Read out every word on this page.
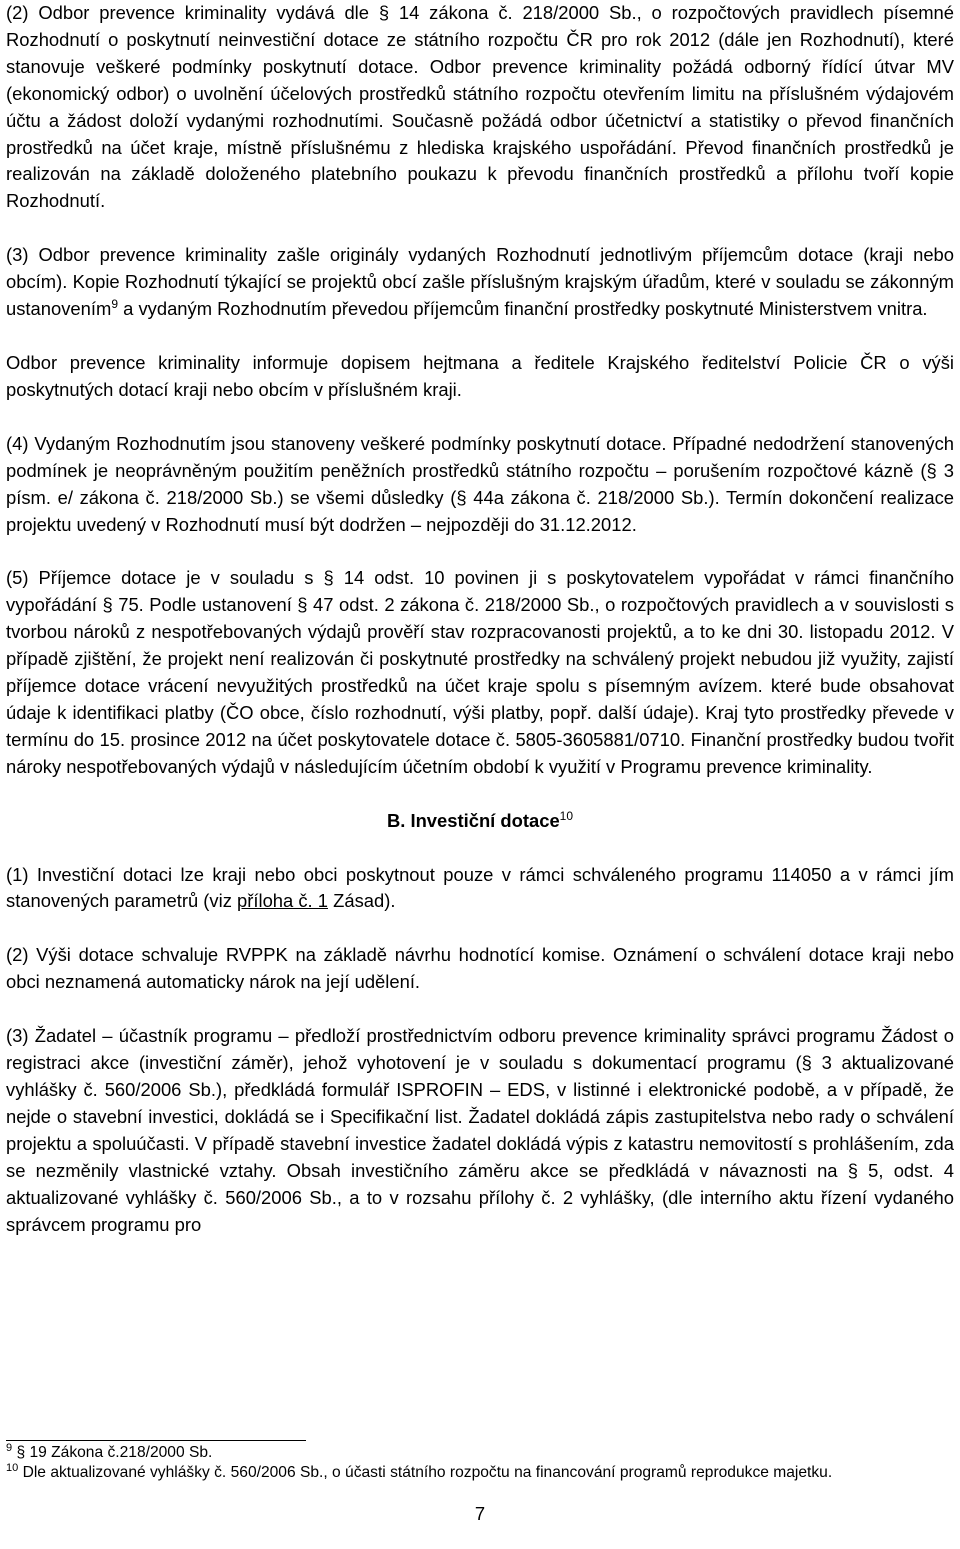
(2) Odbor prevence kriminality vydává dle § 14 zákona č. 218/2000 Sb., o rozpočtových pravidlech písemné Rozhodnutí o poskytnutí neinvestiční dotace ze státního rozpočtu ČR pro rok 2012 (dále jen Rozhodnutí), které stanovuje veškeré podmínky poskytnutí dotace. Odbor prevence kriminality požádá odborný řídící útvar MV (ekonomický odbor) o uvolnění účelových prostředků státního rozpočtu otevřením limitu na příslušném výdajovém účtu a žádost doloží vydanými rozhodnutími. Současně požádá odbor účetnictví a statistiky o převod finančních prostředků na účet kraje, místně příslušnému z hlediska krajského uspořádání. Převod finančních prostředků je realizován na základě doloženého platebního poukazu k převodu finančních prostředků a přílohu tvoří kopie Rozhodnutí.

(3) Odbor prevence kriminality zašle originály vydaných Rozhodnutí jednotlivým příjemcům dotace (kraji nebo obcím). Kopie Rozhodnutí týkající se projektů obcí zašle příslušným krajským úřadům, které v souladu se zákonným ustanovením$^9$ a vydaným Rozhodnutím převedou příjemcům finanční prostředky poskytnuté Ministerstvem vnitra.

Odbor prevence kriminality informuje dopisem hejtmana a ředitele Krajského ředitelství Policie ČR o výši poskytnutých dotací kraji nebo obcím v příslušném kraji.

(4) Vydaným Rozhodnutím jsou stanoveny veškeré podmínky poskytnutí dotace. Případné nedodržení stanovených podmínek je neoprávněným použitím peněžních prostředků státního rozpočtu – porušením rozpočtové kázně (§ 3 písm. e/ zákona č. 218/2000 Sb.) se všemi důsledky (§ 44a zákona č. 218/2000 Sb.). Termín dokončení realizace projektu uvedený v Rozhodnutí musí být dodržen – nejpozději do 31.12.2012.

(5) Příjemce dotace je v souladu s § 14 odst. 10 povinen ji s poskytovatelem vypořádat v rámci finančního vypořádání § 75. Podle ustanovení § 47 odst. 2 zákona č. 218/2000 Sb., o rozpočtových pravidlech a v souvislosti s tvorbou nároků z nespotřebovaných výdajů prověří stav rozpracovanosti projektů, a to ke dni 30. listopadu 2012. V případě zjištění, že projekt není realizován či poskytnuté prostředky na schválený projekt nebudou již využity, zajistí příjemce dotace vrácení nevyužitých prostředků na účet kraje spolu s písemným avízem. které bude obsahovat údaje k identifikaci platby (ČO obce, číslo rozhodnutí, výši platby, popř. další údaje). Kraj tyto prostředky převede v termínu do 15. prosince 2012 na účet poskytovatele dotace č. 5805-3605881/0710. Finanční prostředky budou tvořit nároky nespotřebovaných výdajů v následujícím účetním období k využití v Programu prevence kriminality.

B. Investiční dotace$^{10}$

(1) Investiční dotaci lze kraji nebo obci poskytnout pouze v rámci schváleného programu 114050 a v rámci jím stanovených parametrů (viz příloha č. 1 Zásad).

(2) Výši dotace schvaluje RVPPK na základě návrhu hodnotící komise. Oznámení o schválení dotace kraji nebo obci neznamená automaticky nárok na její udělení.

(3) Žadatel – účastník programu – předloží prostřednictvím odboru prevence kriminality správci programu Žádost o registraci akce (investiční záměr), jehož vyhotovení je v souladu s dokumentací programu (§ 3 aktualizované vyhlášky č. 560/2006 Sb.), předkládá formulář ISPROFIN – EDS, v listinné i elektronické podobě, a v případě, že nejde o stavební investici, dokládá se i Specifikační list. Žadatel dokládá zápis zastupitelstva nebo rady o schválení projektu a spoluúčasti. V případě stavební investice žadatel dokládá výpis z katastru nemovitostí s prohlášením, zda se nezměnily vlastnické vztahy. Obsah investičního záměru akce se předkládá v návaznosti na § 5, odst. 4 aktualizované vyhlášky č. 560/2006 Sb., a to v rozsahu přílohy č. 2 vyhlášky, (dle interního aktu řízení vydaného správcem programu pro

$^9$ § 19 Zákona č.218/2000 Sb.

$^{10}$ Dle aktualizované vyhlášky č. 560/2006 Sb., o účasti státního rozpočtu na financování programů reprodukce majetku.

7
